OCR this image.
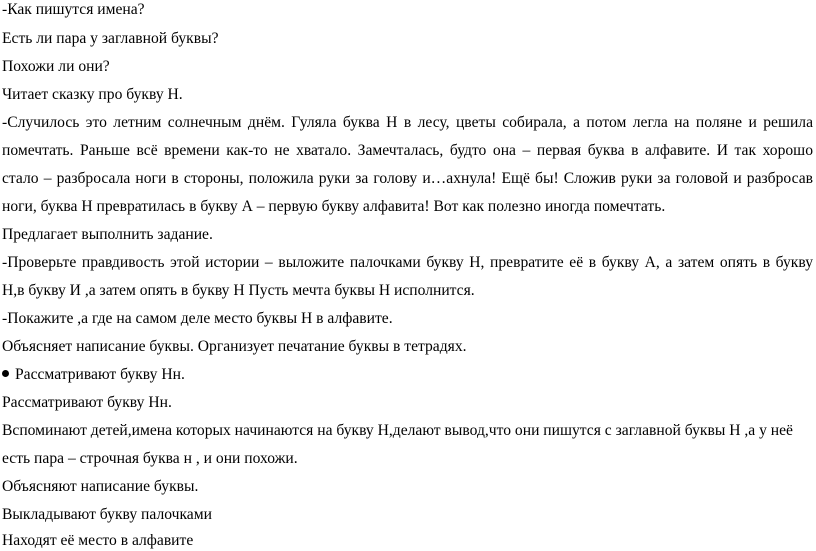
-Как пишутся имена?
Есть ли пара у заглавной буквы?
Похожи ли они?
Читает сказку про букву Н.
-Случилось это летним солнечным днём. Гуляла буква Н в лесу, цветы собирала, а потом легла на поляне и решила
помечтать. Раньше всё времени как-то не хватало. Замечталась, будто она – первая буква в алфавите. И так хорошо
стало – разбросала ноги в стороны, положила руки за голову и…ахнула! Ещё бы! Сложив руки за головой и разбросав
ноги, буква Н превратилась в букву А – первую букву алфавита! Вот как полезно иногда помечтать.
Предлагает выполнить задание.
-Проверьте правдивость этой истории – выложите палочками букву Н, превратите её в букву А, а затем опять в букву
Н,в букву И ,а затем опять в букву Н Пусть мечта буквы Н исполнится.
-Покажите ,а где на самом деле место буквы Н в алфавите.
Объясняет написание буквы. Организует печатание буквы в тетрадях.
Рассматривают букву Нн.
Рассматривают букву Нн.
Вспоминают детей,имена которых начинаются на букву Н,делают вывод,что они пишутся с заглавной буквы Н ,а у неё
есть пара – строчная буква н , и они похожи.
Объясняют написание буквы.
Выкладывают букву палочками
Находят её место в алфавите
